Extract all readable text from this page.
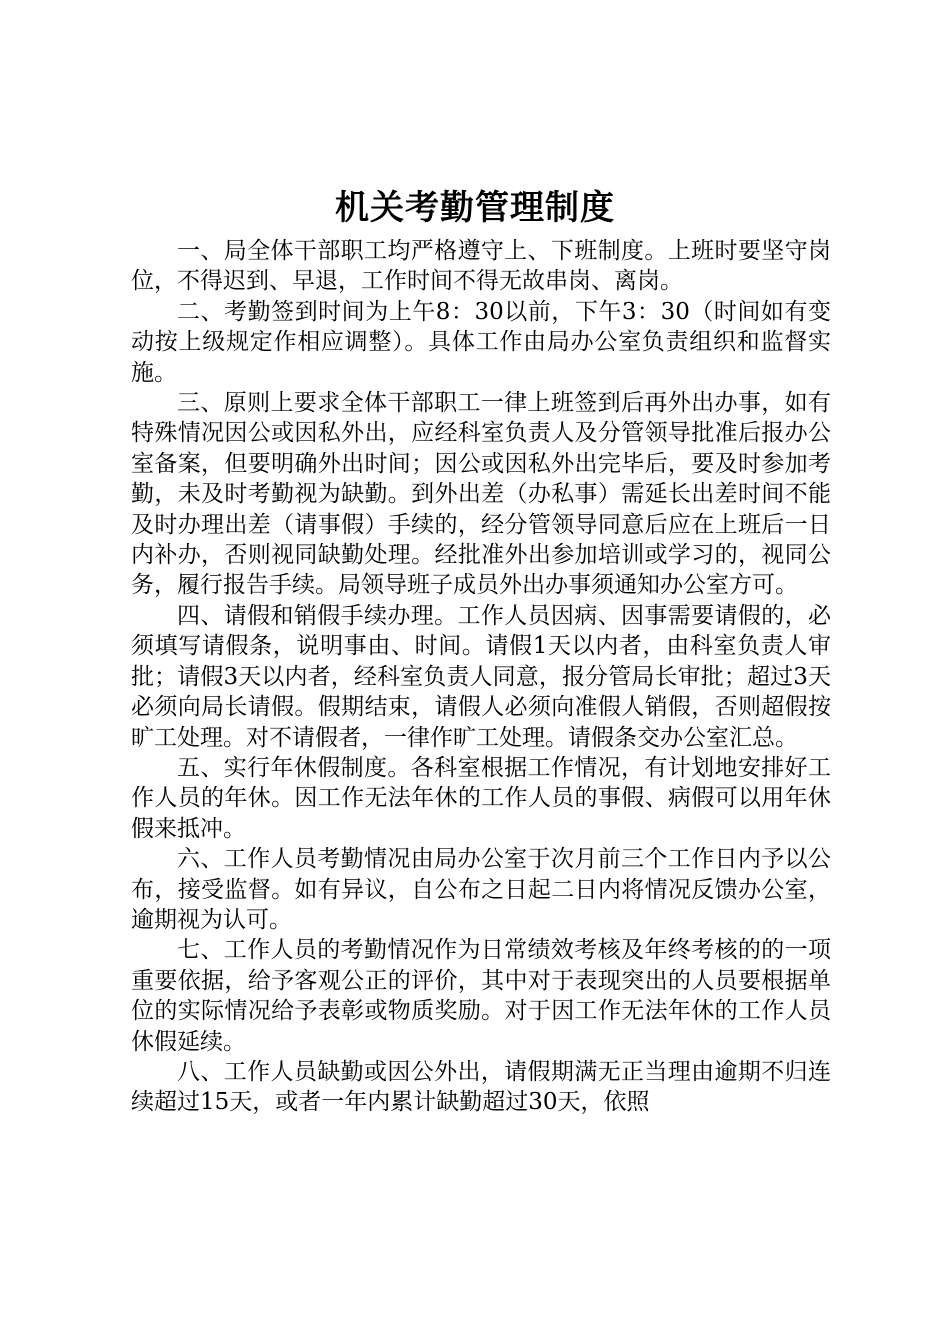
机关考勤管理制度

一、局全体干部职工均严格遵守上、下班制度。上班时要坚守岗位，不得迟到、早退，工作时间不得无故串岗、离岗。

二、考勤签到时间为上午8：30以前，下午3：30（时间如有变动按上级规定作相应调整）。具体工作由局办公室负责组织和监督实施。

三、原则上要求全体干部职工一律上班签到后再外出办事，如有特殊情况因公或因私外出，应经科室负责人及分管领导批准后报办公室备案，但要明确外出时间；因公或因私外出完毕后，要及时参加考勤，未及时考勤视为缺勤。到外出差（办私事）需延长出差时间不能及时办理出差（请事假）手续的，经分管领导同意后应在上班后一日内补办，否则视同缺勤处理。经批准外出参加培训或学习的，视同公务，履行报告手续。局领导班子成员外出办事须通知办公室方可。

四、请假和销假手续办理。工作人员因病、因事需要请假的，必须填写请假条，说明事由、时间。请假1天以内者，由科室负责人审批；请假3天以内者，经科室负责人同意，报分管局长审批；超过3天必须向局长请假。假期结束，请假人必须向准假人销假，否则超假按旷工处理。对不请假者，一律作旷工处理。请假条交办公室汇总。

五、实行年休假制度。各科室根据工作情况，有计划地安排好工作人员的年休。因工作无法年休的工作人员的事假、病假可以用年休假来抵冲。

六、工作人员考勤情况由局办公室于次月前三个工作日内予以公布，接受监督。如有异议，自公布之日起二日内将情况反馈办公室，逾期视为认可。

七、工作人员的考勤情况作为日常绩效考核及年终考核的的一项重要依据，给予客观公正的评价，其中对于表现突出的人员要根据单位的实际情况给予表彰或物质奖励。对于因工作无法年休的工作人员休假延续。

八、工作人员缺勤或因公外出，请假期满无正当理由逾期不归连续超过15天，或者一年内累计缺勤超过30天，依照
